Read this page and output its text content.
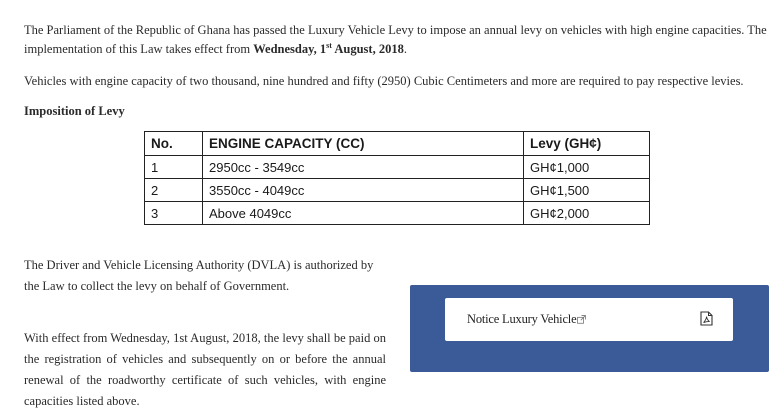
The Parliament of the Republic of Ghana has passed the Luxury Vehicle Levy to impose an annual levy on vehicles with high engine capacities. The implementation of this Law takes effect from Wednesday, 1st August, 2018.

Vehicles with engine capacity of two thousand, nine hundred and fifty (2950) Cubic Centimeters and more are required to pay respective levies.

Imposition of Levy

No.	ENGINE CAPACITY (CC)	Levy (GH¢)
1	2950cc - 3549cc	GH¢1,000
2	3550cc - 4049cc	GH¢1,500
3	Above 4049cc	GH¢2,000

The Driver and Vehicle Licensing Authority (DVLA) is authorized by the Law to collect the levy on behalf of Government.

With effect from Wednesday, 1st August, 2018, the levy shall be paid on the registration of vehicles and subsequently on or before the annual renewal of the roadworthy certificate of such vehicles, with engine capacities listed above.

Notice Luxury Vehicle
